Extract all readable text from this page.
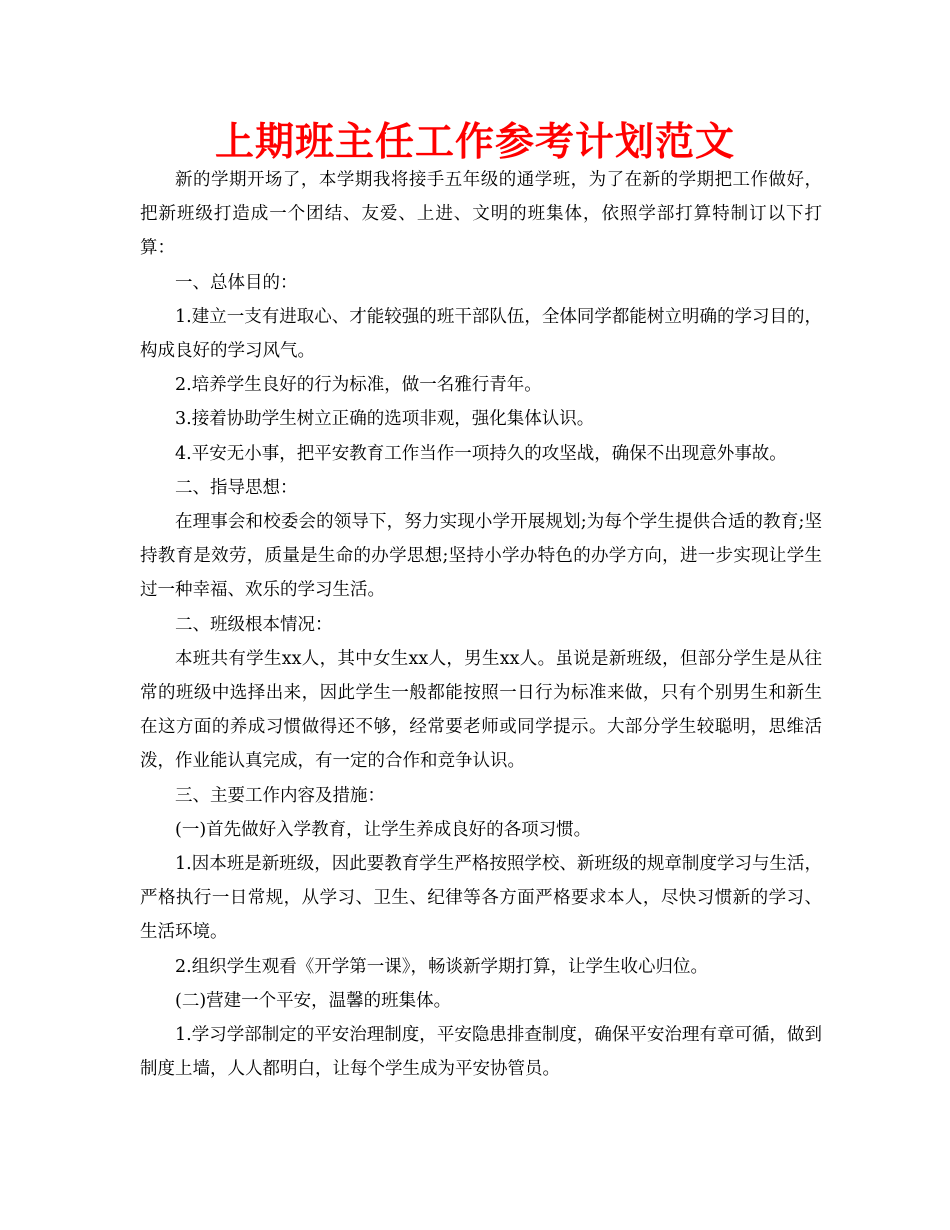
上期班主任工作参考计划范文

新的学期开场了，本学期我将接手五年级的通学班，为了在新的学期把工作做好，把新班级打造成一个团结、友爱、上进、文明的班集体，依照学部打算特制订以下打算：

一、总体目的：

1.建立一支有进取心、才能较强的班干部队伍，全体同学都能树立明确的学习目的，构成良好的学习风气。

2.培养学生良好的行为标准，做一名雅行青年。

3.接着协助学生树立正确的选项非观，强化集体认识。

4.平安无小事，把平安教育工作当作一项持久的攻坚战，确保不出现意外事故。

二、指导思想：

在理事会和校委会的领导下，努力实现小学开展规划;为每个学生提供合适的教育;坚持教育是效劳，质量是生命的办学思想;坚持小学办特色的办学方向，进一步实现让学生过一种幸福、欢乐的学习生活。

二、班级根本情况：

本班共有学生xx人，其中女生xx人，男生xx人。虽说是新班级，但部分学生是从往常的班级中选择出来，因此学生一般都能按照一日行为标准来做，只有个别男生和新生在这方面的养成习惯做得还不够，经常要老师或同学提示。大部分学生较聪明，思维活泼，作业能认真完成，有一定的合作和竞争认识。

三、主要工作内容及措施：

(一)首先做好入学教育，让学生养成良好的各项习惯。

1.因本班是新班级，因此要教育学生严格按照学校、新班级的规章制度学习与生活，严格执行一日常规，从学习、卫生、纪律等各方面严格要求本人，尽快习惯新的学习、生活环境。

2.组织学生观看《开学第一课》，畅谈新学期打算，让学生收心归位。

(二)营建一个平安，温馨的班集体。

1.学习学部制定的平安治理制度，平安隐患排查制度，确保平安治理有章可循，做到制度上墙，人人都明白，让每个学生成为平安协管员。
